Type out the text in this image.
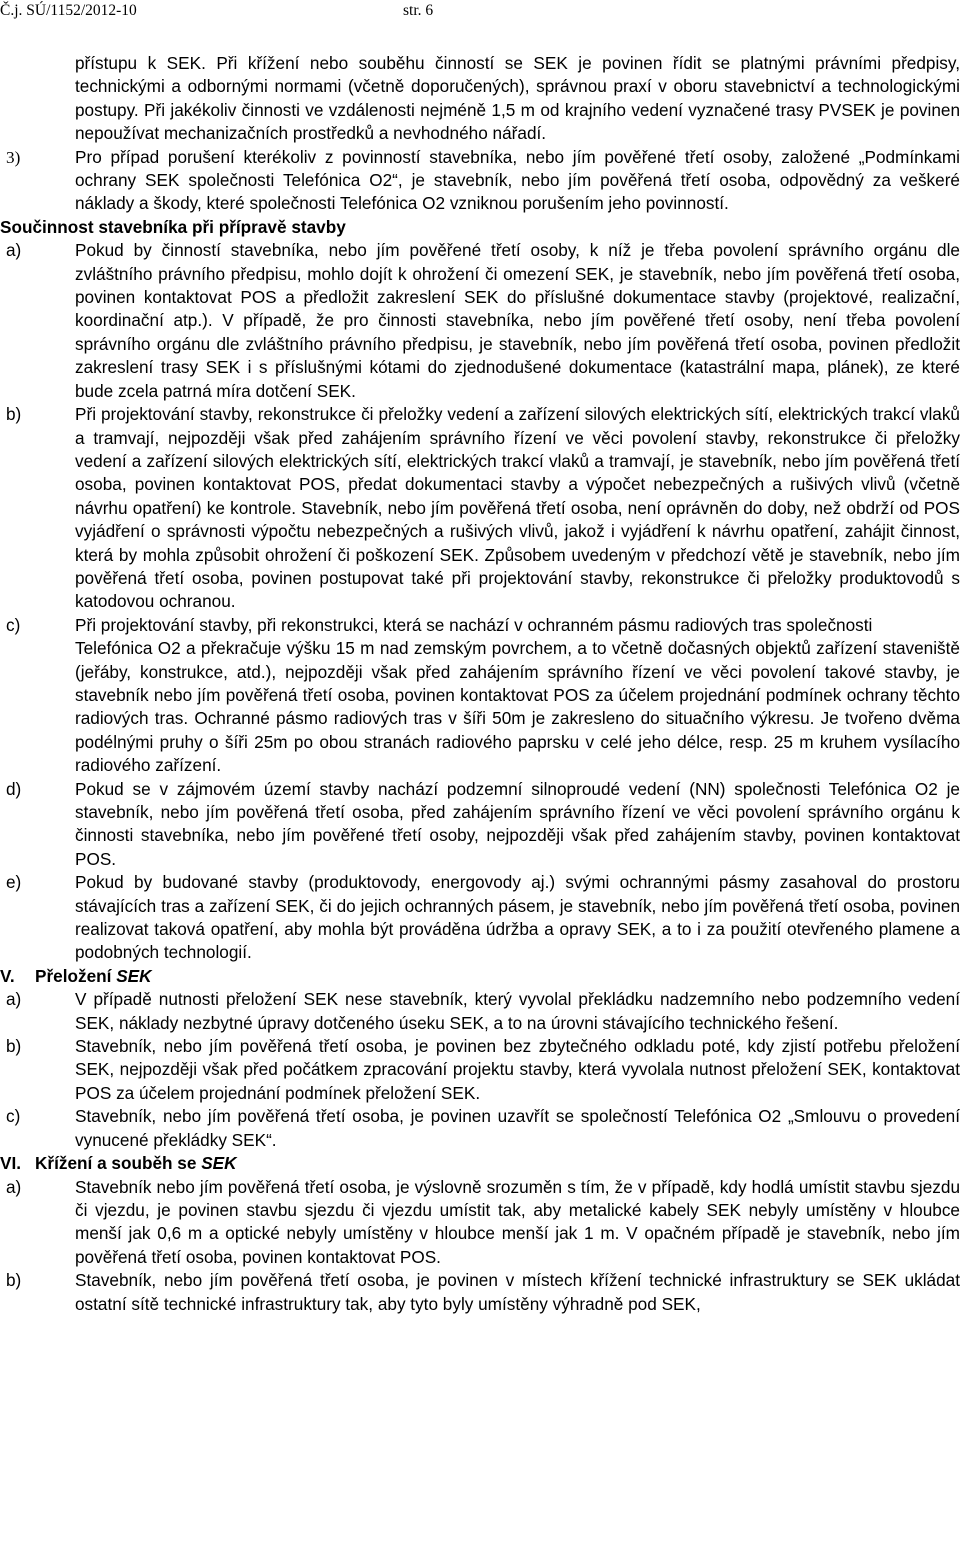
Č.j. SÚ/1152/2012-10	str. 6

přístupu k SEK. Při křížení nebo souběhu činností se SEK je povinen řídit se platnými právními předpisy, technickými a odbornými normami (včetně doporučených), správnou praxí v oboru stavebnictví a technologickými postupy. Při jakékoliv činnosti ve vzdálenosti nejméně 1,5 m od krajního vedení vyznačené trasy PVSEK je povinen nepoužívat mechanizačních prostředků a nevhodného nářadí.

3)	Pro případ porušení kterékoliv z povinností stavebníka, nebo jím pověřené třetí osoby, založené „Podmínkami ochrany SEK společnosti Telefónica O2“, je stavebník, nebo jím pověřená třetí osoba, odpovědný za veškeré náklady a škody, které společnosti Telefónica O2 vzniknou porušením jeho povinností.

Součinnost stavebníka při přípravě stavby

a)	Pokud by činností stavebníka, nebo jím pověřené třetí osoby, k níž je třeba povolení správního orgánu dle zvláštního právního předpisu, mohlo dojít k ohrožení či omezení SEK, je stavebník, nebo jím pověřená třetí osoba, povinen kontaktovat POS a předložit zakreslení SEK do příslušné dokumentace stavby (projektové, realizační, koordinační atp.). V případě, že pro činnosti stavebníka, nebo jím pověřené třetí osoby, není třeba povolení správního orgánu dle zvláštního právního předpisu, je stavebník, nebo jím pověřená třetí osoba, povinen předložit zakreslení trasy SEK i s příslušnými kótami do zjednodušené dokumentace (katastrální mapa, plánek), ze které bude zcela patrná míra dotčení SEK.

b)	Při projektování stavby, rekonstrukce či přeložky vedení a zařízení silových elektrických sítí, elektrických trakcí vlaků a tramvají, nejpozději však před zahájením správního řízení ve věci povolení stavby, rekonstrukce či přeložky vedení a zařízení silových elektrických sítí, elektrických trakcí vlaků a tramvají, je stavebník, nebo jím pověřená třetí osoba, povinen kontaktovat POS, předat dokumentaci stavby a výpočet nebezpečných a rušivých vlivů (včetně návrhu opatření) ke kontrole. Stavebník, nebo jím pověřená třetí osoba, není oprávněn do doby, než obdrží od POS vyjádření o správnosti výpočtu nebezpečných a rušivých vlivů, jakož i vyjádření k návrhu opatření, zahájit činnost, která by mohla způsobit ohrožení či poškození SEK. Způsobem uvedeným v předchozí větě je stavebník, nebo jím pověřená třetí osoba, povinen postupovat také při projektování stavby, rekonstrukce či přeložky produktovodů s katodovou ochranou.

c)	Při projektování stavby, při rekonstrukci, která se nachází v ochranném pásmu radiových tras společnosti
Telefónica O2 a překračuje výšku 15 m nad zemským povrchem, a to včetně dočasných objektů zařízení staveniště (jeřáby, konstrukce, atd.), nejpozději však před zahájením správního řízení ve věci povolení takové stavby, je stavebník nebo jím pověřená třetí osoba, povinen kontaktovat POS za účelem projednání podmínek ochrany těchto radiových tras. Ochranné pásmo radiových tras v šíři 50m je zakresleno do situačního výkresu. Je tvořeno dvěma podélnými pruhy o šíři 25m po obou stranách radiového paprsku v celé jeho délce, resp. 25 m kruhem vysílacího radiového zařízení.
d)	Pokud se v zájmovém území stavby nachází podzemní silnoproudé vedení (NN) společnosti Telefónica O2 je stavebník, nebo jím pověřená třetí osoba, před zahájením správního řízení ve věci povolení správního orgánu k činnosti stavebníka, nebo jím pověřené třetí osoby, nejpozději však před zahájením stavby, povinen kontaktovat POS.

e)	Pokud by budované stavby (produktovody, energovody aj.) svými ochrannými pásmy zasahoval do prostoru stávajících tras a zařízení SEK, či do jejich ochranných pásem, je stavebník, nebo jím pověřená třetí osoba, povinen realizovat taková opatření, aby mohla být prováděna údržba a opravy SEK, a to i za použití otevřeného plamene a podobných technologií.

V.	Přeložení SEK
a)	V případě nutnosti přeložení SEK nese stavebník, který vyvolal překládku nadzemního nebo podzemního vedení SEK, náklady nezbytné úpravy dotčeného úseku SEK, a to na úrovni stávajícího technického řešení.

b)	Stavebník, nebo jím pověřená třetí osoba, je povinen bez zbytečného odkladu poté, kdy zjistí potřebu přeložení SEK, nejpozději však před počátkem zpracování projektu stavby, která vyvolala nutnost přeložení SEK, kontaktovat POS za účelem projednání podmínek přeložení SEK.

c)	Stavebník, nebo jím pověřená třetí osoba, je povinen uzavřít se společností Telefónica O2 „Smlouvu o provedení vynucené překládky SEK“.

VI. Křížení a souběh se SEK
a)	Stavebník nebo jím pověřená třetí osoba, je výslovně srozuměn s tím, že v případě, kdy hodlá umístit stavbu sjezdu či vjezdu, je povinen stavbu sjezdu či vjezdu umístit tak, aby metalické kabely SEK nebyly umístěny v hloubce menší jak 0,6 m a optické nebyly umístěny v hloubce menší jak 1 m. V opačném případě je stavebník, nebo jím pověřená třetí osoba, povinen kontaktovat POS.

b)	Stavebník, nebo jím pověřená třetí osoba, je povinen v místech křížení technické infrastruktury se SEK ukládat ostatní sítě technické infrastruktury tak, aby tyto byly umístěny výhradně pod SEK,
